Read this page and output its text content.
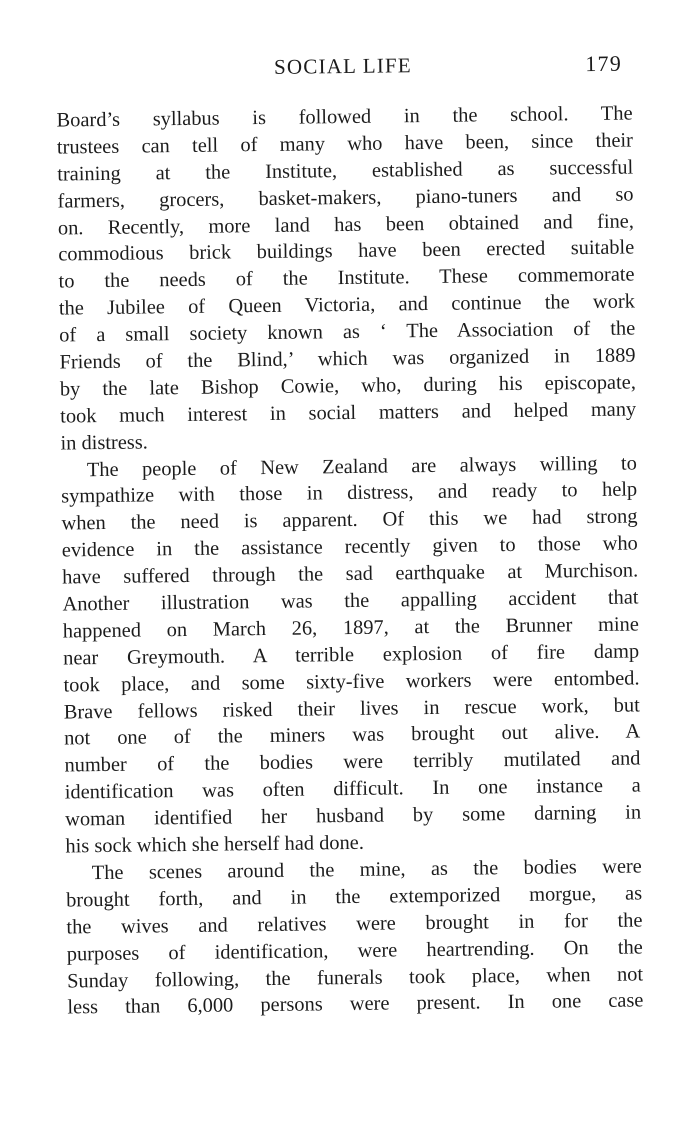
SOCIAL LIFE	179
Board’s syllabus is followed in the school. The
trustees can tell of many who have been, since their
training at the Institute, established as successful
farmers, grocers, basket-makers, piano-tuners and so
on. Recently, more land has been obtained and fine,
commodious brick buildings have been erected suitable
to the needs of the Institute. These commemorate
the Jubilee of Queen Victoria, and continue the work
of a small society known as ‘ The Association of the
Friends of the Blind,’ which was organized in 1889
by the late Bishop Cowie, who, during his episcopate,
took much interest in social matters and helped many
in distress.
The people of New Zealand are always willing to
sympathize with those in distress, and ready to help
when the need is apparent. Of this we had strong
evidence in the assistance recently given to those who
have suffered through the sad earthquake at Murchison.
Another illustration was the appalling accident that
happened on March 26, 1897, at the Brunner mine
near Greymouth. A terrible explosion of fire damp
took place, and some sixty-five workers were entombed.
Brave fellows risked their lives in rescue work, but
not one of the miners was brought out alive. A
number of the bodies were terribly mutilated and
identification was often difficult. In one instance a
woman identified her husband by some darning in
his sock which she herself had done.
The scenes around the mine, as the bodies were
brought forth, and in the extemporized morgue, as
the wives and relatives were brought in for the
purposes of identification, were heartrending. On the
Sunday following, the funerals took place, when not
less than 6,000 persons were present. In one case
